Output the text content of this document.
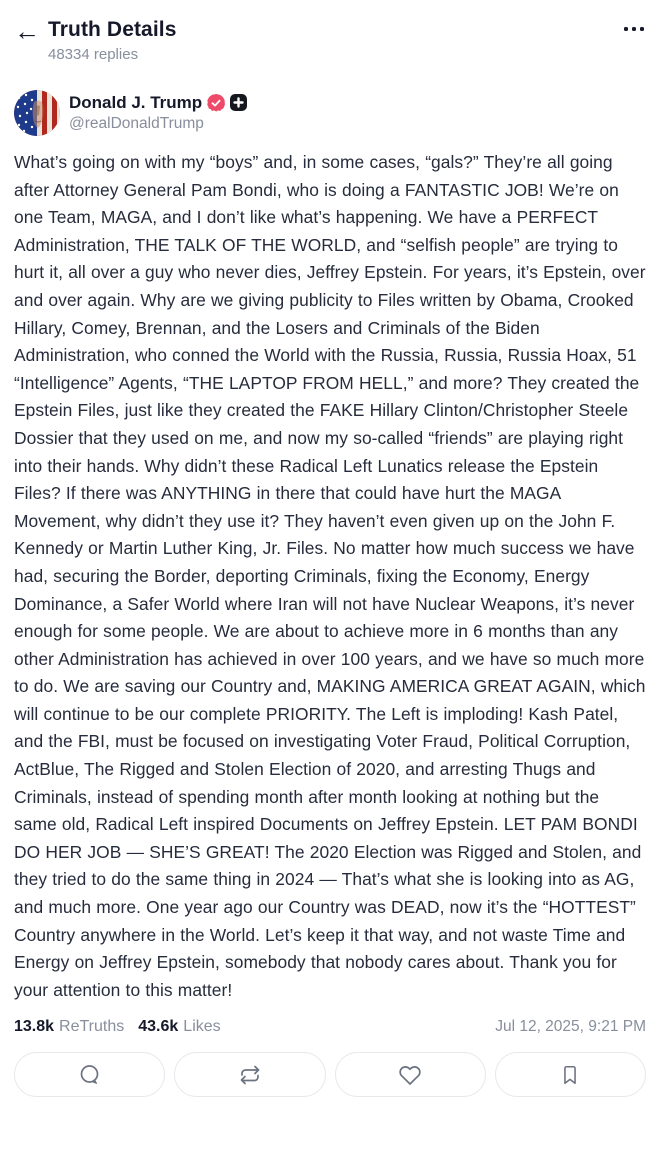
← Truth Details
48334 replies
Donald J. Trump
@realDonaldTrump
What’s going on with my “boys” and, in some cases, “gals?” They’re all going after Attorney General Pam Bondi, who is doing a FANTASTIC JOB! We’re on one Team, MAGA, and I don’t like what’s happening. We have a PERFECT Administration, THE TALK OF THE WORLD, and “selfish people” are trying to hurt it, all over a guy who never dies, Jeffrey Epstein. For years, it’s Epstein, over and over again. Why are we giving publicity to Files written by Obama, Crooked Hillary, Comey, Brennan, and the Losers and Criminals of the Biden Administration, who conned the World with the Russia, Russia, Russia Hoax, 51 “Intelligence” Agents, “THE LAPTOP FROM HELL,” and more? They created the Epstein Files, just like they created the FAKE Hillary Clinton/Christopher Steele Dossier that they used on me, and now my so-called “friends” are playing right into their hands. Why didn’t these Radical Left Lunatics release the Epstein Files? If there was ANYTHING in there that could have hurt the MAGA Movement, why didn’t they use it? They haven’t even given up on the John F. Kennedy or Martin Luther King, Jr. Files. No matter how much success we have had, securing the Border, deporting Criminals, fixing the Economy, Energy Dominance, a Safer World where Iran will not have Nuclear Weapons, it’s never enough for some people. We are about to achieve more in 6 months than any other Administration has achieved in over 100 years, and we have so much more to do. We are saving our Country and, MAKING AMERICA GREAT AGAIN, which will continue to be our complete PRIORITY. The Left is imploding! Kash Patel, and the FBI, must be focused on investigating Voter Fraud, Political Corruption, ActBlue, The Rigged and Stolen Election of 2020, and arresting Thugs and Criminals, instead of spending month after month looking at nothing but the same old, Radical Left inspired Documents on Jeffrey Epstein. LET PAM BONDI DO HER JOB — SHE’S GREAT! The 2020 Election was Rigged and Stolen, and they tried to do the same thing in 2024 — That’s what she is looking into as AG, and much more. One year ago our Country was DEAD, now it’s the “HOTTEST” Country anywhere in the World. Let’s keep it that way, and not waste Time and Energy on Jeffrey Epstein, somebody that nobody cares about. Thank you for your attention to this matter!
13.8k ReTruths 43.6k Likes	Jul 12, 2025, 9:21 PM
